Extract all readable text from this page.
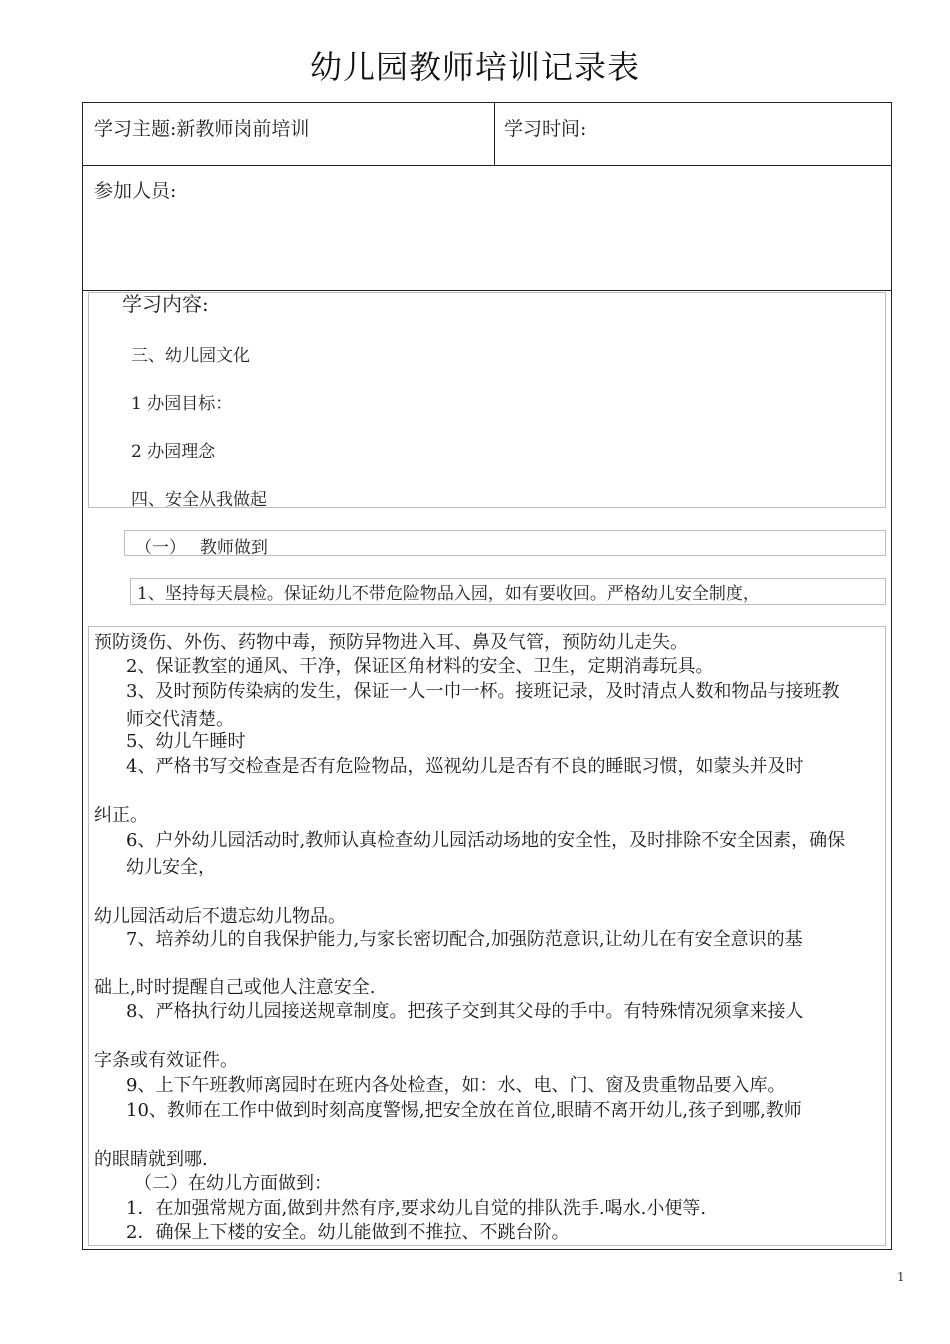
幼儿园教师培训记录表
学习主题:新教师岗前培训	学习时间:
参加人员:
学习内容:
三、幼儿园文化
1 办园目标：
2 办园理念
四、安全从我做起
（一）　 教师做到
1、坚持每天晨检。保证幼儿不带危险物品入园，如有要收回。严格幼儿安全制度，
预防烫伤、外伤、药物中毒，预防异物进入耳、鼻及气管，预防幼儿走失。
2、保证教室的通风、干净，保证区角材料的安全、卫生，定期消毒玩具。
3、及时预防传染病的发生，保证一人一巾一杯。接班记录，及时清点人数和物品与接班教
师交代清楚。
5、幼儿午睡时
4、严格书写交检查是否有危险物品，巡视幼儿是否有不良的睡眠习惯，如蒙头并及时
纠正。
6、户外幼儿园活动时,教师认真检查幼儿园活动场地的安全性，及时排除不安全因素，确保
幼儿安全，
幼儿园活动后不遗忘幼儿物品。
7、培养幼儿的自我保护能力,与家长密切配合,加强防范意识,让幼儿在有安全意识的基
础上,时时提醒自己或他人注意安全.
8、严格执行幼儿园接送规章制度。把孩子交到其父母的手中。有特殊情况须拿来接人
字条或有效证件。
9、上下午班教师离园时在班内各处检查，如：水、电、门、窗及贵重物品要入库。
10、教师在工作中做到时刻高度警惕,把安全放在首位,眼睛不离开幼儿,孩子到哪,教师
的眼睛就到哪.
（二）在幼儿方面做到：
1．在加强常规方面,做到井然有序,要求幼儿自觉的排队洗手.喝水.小便等.
2．确保上下楼的安全。幼儿能做到不推拉、不跳台阶。
1
